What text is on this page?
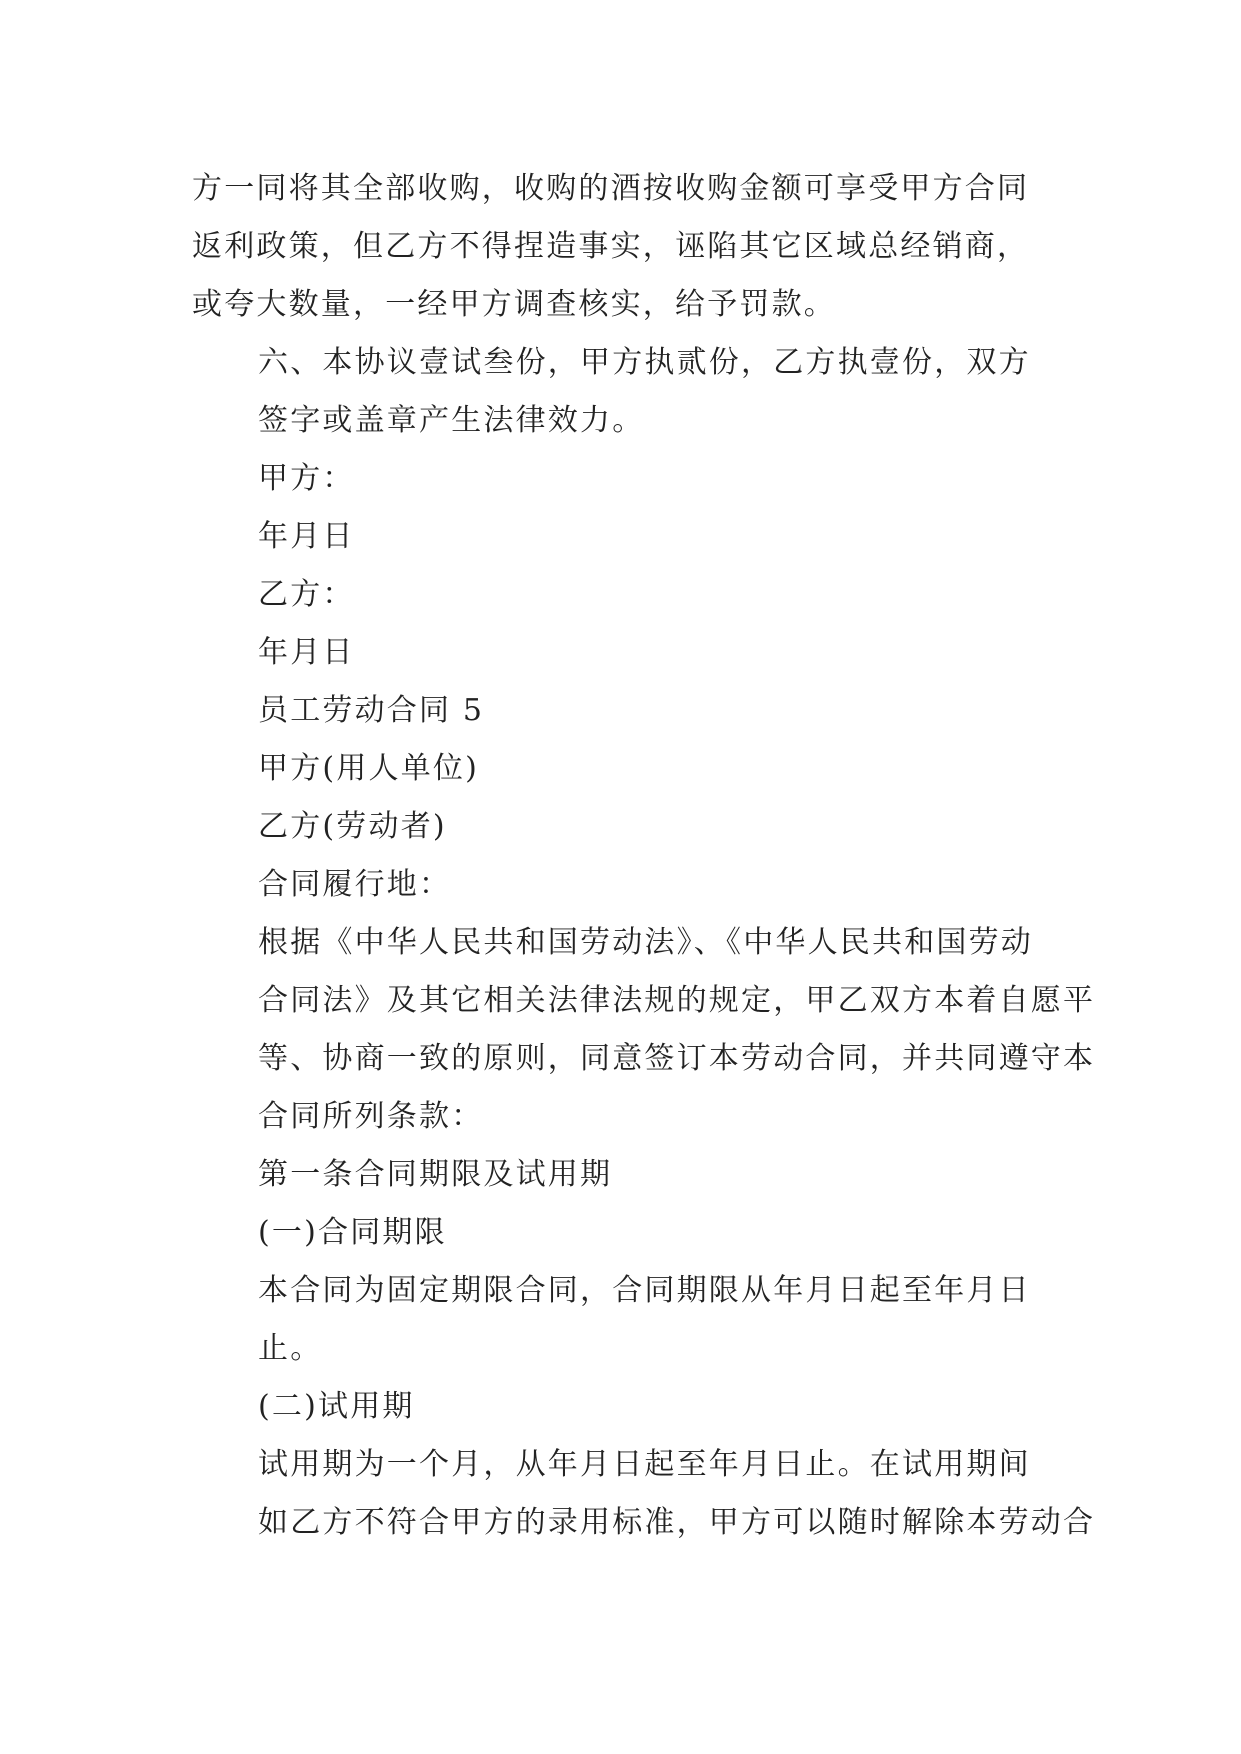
方一同将其全部收购，收购的酒按收购金额可享受甲方合同
返利政策，但乙方不得捏造事实，诬陷其它区域总经销商，
或夸大数量，一经甲方调查核实，给予罚款。
六、本协议壹试叁份，甲方执贰份，乙方执壹份，双方
签字或盖章产生法律效力。
甲方：
年月日
乙方：
年月日
员工劳动合同 5
甲方(用人单位)
乙方(劳动者)
合同履行地：
根据《中华人民共和国劳动法》、《中华人民共和国劳动
合同法》及其它相关法律法规的规定，甲乙双方本着自愿平
等、协商一致的原则，同意签订本劳动合同，并共同遵守本
合同所列条款：
第一条合同期限及试用期
(一)合同期限
本合同为固定期限合同，合同期限从年月日起至年月日
止。
(二)试用期
试用期为一个月，从年月日起至年月日止。在试用期间
如乙方不符合甲方的录用标准，甲方可以随时解除本劳动合
